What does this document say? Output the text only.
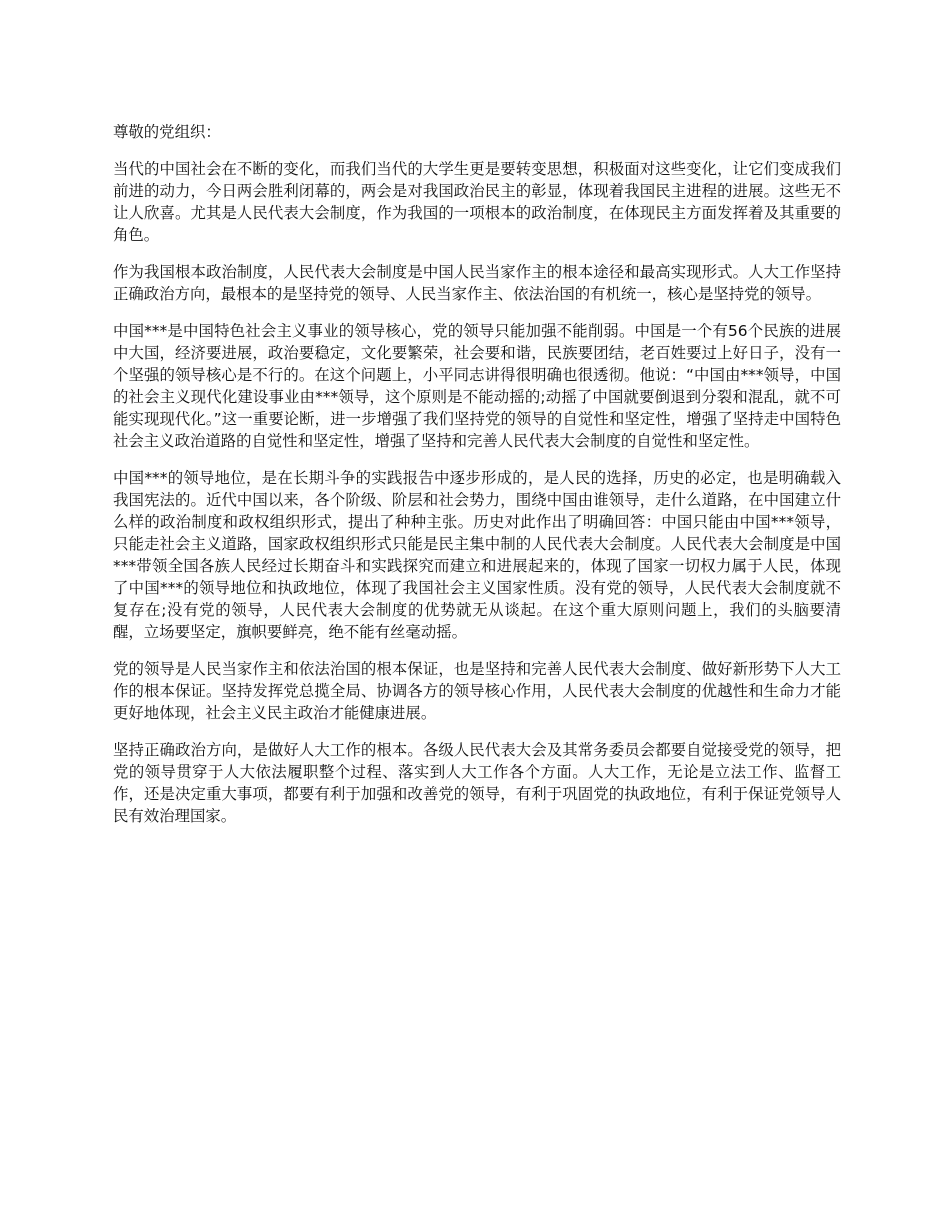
尊敬的党组织：

当代的中国社会在不断的变化，而我们当代的大学生更是要转变思想，积极面对这些变化，让它们变成我们前进的动力，今日两会胜利闭幕的，两会是对我国政治民主的彰显，体现着我国民主进程的进展。这些无不让人欣喜。尤其是人民代表大会制度，作为我国的一项根本的政治制度，在体现民主方面发挥着及其重要的角色。

作为我国根本政治制度，人民代表大会制度是中国人民当家作主的根本途径和最高实现形式。人大工作坚持正确政治方向，最根本的是坚持党的领导、人民当家作主、依法治国的有机统一，核心是坚持党的领导。

中国***是中国特色社会主义事业的领导核心，党的领导只能加强不能削弱。中国是一个有56个民族的进展中大国，经济要进展，政治要稳定，文化要繁荣，社会要和谐，民族要团结，老百姓要过上好日子，没有一个坚强的领导核心是不行的。在这个问题上，小平同志讲得很明确也很透彻。他说：“中国由***领导，中国的社会主义现代化建设事业由***领导，这个原则是不能动摇的;动摇了中国就要倒退到分裂和混乱，就不可能实现现代化。”这一重要论断，进一步增强了我们坚持党的领导的自觉性和坚定性，增强了坚持走中国特色社会主义政治道路的自觉性和坚定性，增强了坚持和完善人民代表大会制度的自觉性和坚定性。

中国***的领导地位，是在长期斗争的实践报告中逐步形成的，是人民的选择，历史的必定，也是明确载入我国宪法的。近代中国以来，各个阶级、阶层和社会势力，围绕中国由谁领导，走什么道路，在中国建立什么样的政治制度和政权组织形式，提出了种种主张。历史对此作出了明确回答：中国只能由中国***领导，只能走社会主义道路，国家政权组织形式只能是民主集中制的人民代表大会制度。人民代表大会制度是中国***带领全国各族人民经过长期奋斗和实践探究而建立和进展起来的，体现了国家一切权力属于人民，体现了中国***的领导地位和执政地位，体现了我国社会主义国家性质。没有党的领导，人民代表大会制度就不复存在;没有党的领导，人民代表大会制度的优势就无从谈起。在这个重大原则问题上，我们的头脑要清醒，立场要坚定，旗帜要鲜亮，绝不能有丝毫动摇。

党的领导是人民当家作主和依法治国的根本保证，也是坚持和完善人民代表大会制度、做好新形势下人大工作的根本保证。坚持发挥党总揽全局、协调各方的领导核心作用，人民代表大会制度的优越性和生命力才能更好地体现，社会主义民主政治才能健康进展。

坚持正确政治方向，是做好人大工作的根本。各级人民代表大会及其常务委员会都要自觉接受党的领导，把党的领导贯穿于人大依法履职整个过程、落实到人大工作各个方面。人大工作，无论是立法工作、监督工作，还是决定重大事项，都要有利于加强和改善党的领导，有利于巩固党的执政地位，有利于保证党领导人民有效治理国家。
